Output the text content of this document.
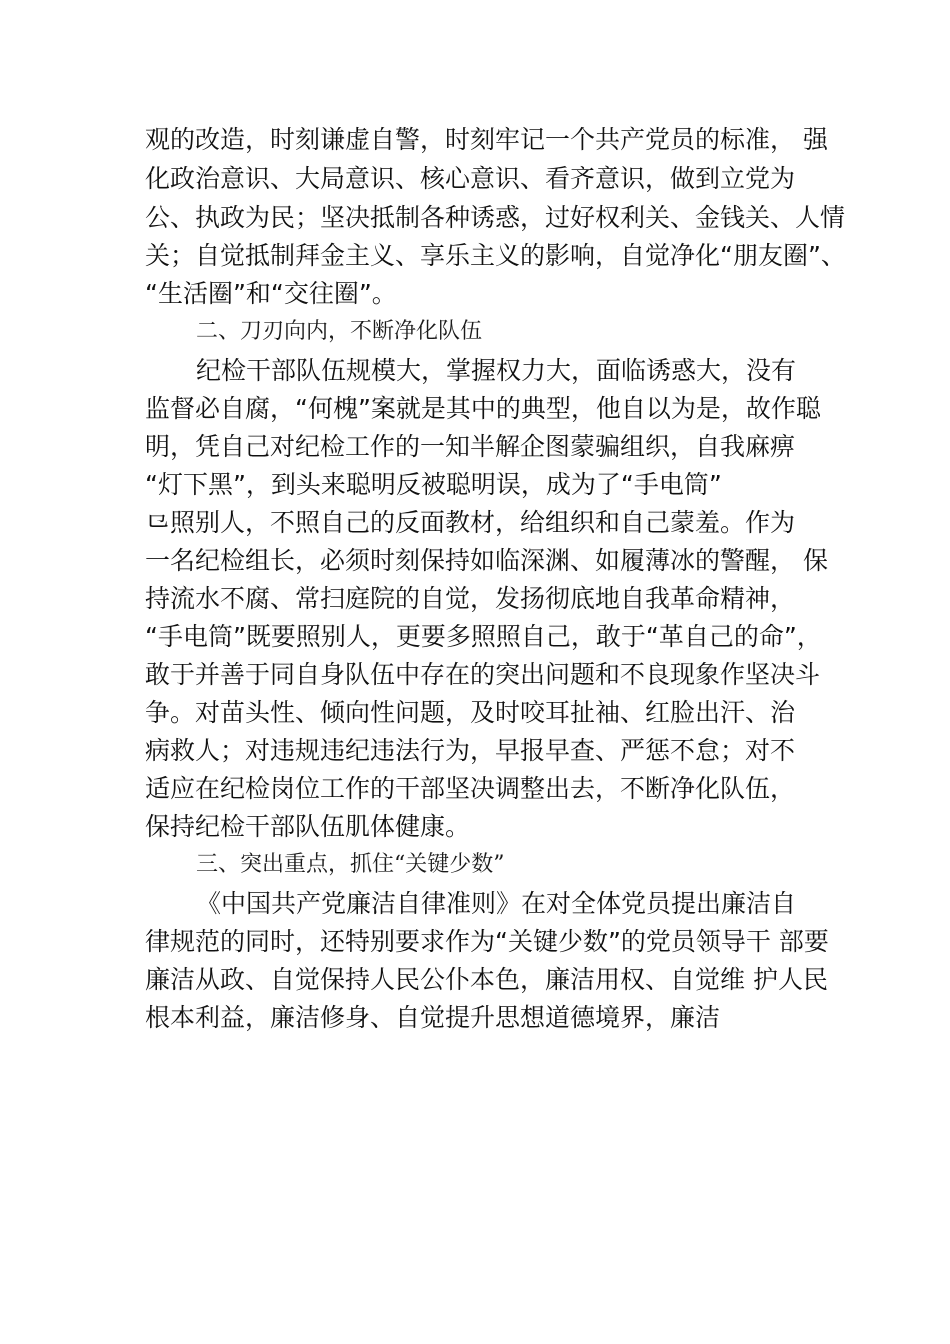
观的改造，时刻谦虚自警，时刻牢记一个共产党员的标准， 强
化政治意识、大局意识、核心意识、看齐意识，做到立党为
公、执政为民；坚决抵制各种诱惑，过好权利关、金钱关、人情
关；自觉抵制拜金主义、享乐主义的影响，自觉净化“朋友圈”、
“生活圈”和“交往圈”。
二、刀刃向内，不断净化队伍
纪检干部队伍规模大，掌握权力大，面临诱惑大，没有
监督必自腐，“何槐”案就是其中的典型，他自以为是，故作聪
明，凭自己对纪检工作的一知半解企图蒙骗组织，自我麻痹
“灯下黑”，到头来聪明反被聪明误，成为了“手电筒”
⺋照别人，不照自己的反面教材，给组织和自己蒙羞。作为
一名纪检组长，必须时刻保持如临深渊、如履薄冰的警醒， 保
持流水不腐、常扫庭院的自觉，发扬彻底地自我革命精神，
“手电筒”既要照别人，更要多照照自己，敢于“革自己的命”，
敢于并善于同自身队伍中存在的突出问题和不良现象作坚决斗
争。对苗头性、倾向性问题，及时咬耳扯袖、红脸出汗、治
病救人；对违规违纪违法行为，早报早查、严惩不怠；对不
适应在纪检岗位工作的干部坚决调整出去，不断净化队伍，
保持纪检干部队伍肌体健康。
三、突出重点，抓住“关键少数”
《中国共产党廉洁自律准则》在对全体党员提出廉洁自
律规范的同时，还特别要求作为“关键少数”的党员领导干 部要
廉洁从政、自觉保持人民公仆本色，廉洁用权、自觉维 护人民
根本利益，廉洁修身、自觉提升思想道德境界，廉洁
